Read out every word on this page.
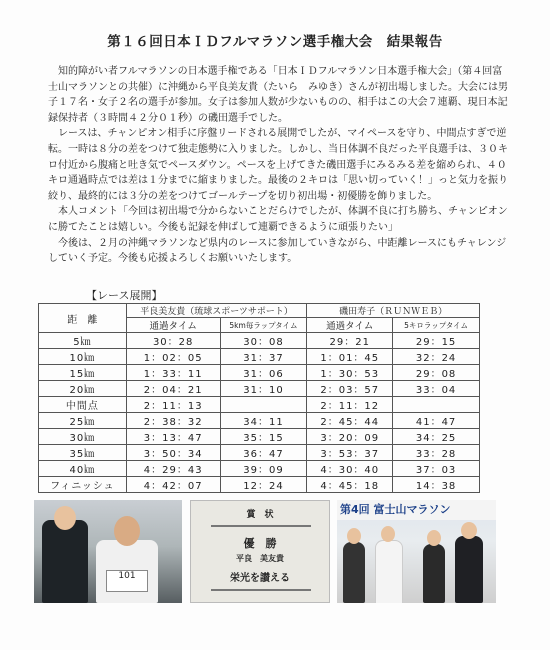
第１６回日本ＩＤフルマラソン選手権大会　結果報告

知的障がい者フルマラソンの日本選手権である「日本ＩＤフルマラソン日本選手権大会」（第４回富士山マラソンとの共催）に沖縄から平良美友貴（たいら　みゆき）さんが初出場しました。大会には男子１７名・女子２名の選手が参加。女子は参加人数が少ないものの、相手はこの大会７連覇、現日本記録保持者（３時間４２分０１秒）の磯田選手でした。

レースは、チャンピオン相手に序盤リードされる展開でしたが、マイペースを守り、中間点すぎで逆転。一時は８分の差をつけて独走態勢に入りました。しかし、当日体調不良だった平良選手は、３０キロ付近から腹痛と吐き気でペースダウン。ペースを上げてきた磯田選手にみるみる差を縮められ、４０キロ通過時点では差は１分までに縮まりました。最後の２キロは「思い切っていく！」っと気力を振り絞り、最終的には３分の差をつけてゴールテープを切り初出場・初優勝を飾りました。

本人コメント「今回は初出場で分からないことだらけでしたが、体調不良に打ち勝ち、チャンピオンに勝てたことは嬉しい。今後も記録を伸ばして連覇できるように頑張りたい」

今後は、２月の沖縄マラソンなど県内のレースに参加していきながら、中距離レースにもチャレンジしていく予定。今後も応援よろしくお願いいたします。

【レース展開】
距　離	平良美友貴（琉球スポーツサポート）		磯田寿子（ＲＵＮＷＥＢ）	
	通過タイム	5km毎ラップタイム	通過タイム	5キロラップタイム
5㎞	30：28	30：08	29：21	29：15
10㎞	1：02：05	31：37	1：01：45	32：24
15㎞	1：33：11	31：06	1：30：53	29：08
20㎞	2：04：21	31：10	2：03：57	33：04
中間点	2：11：13		2：11：12	
25㎞	2：38：32	34：11	2：45：44	41：47
30㎞	3：13：47	35：15	3：20：09	34：25
35㎞	3：50：34	36：47	3：53：37	33：28
40㎞	4：29：43	39：09	4：30：40	37：03
フィニッシュ	4：42：07	12：24	4：45：18	14：38
101
賞　状
優　勝
平良　美友貴
栄光を讃える
第4回 富士山マラソン
